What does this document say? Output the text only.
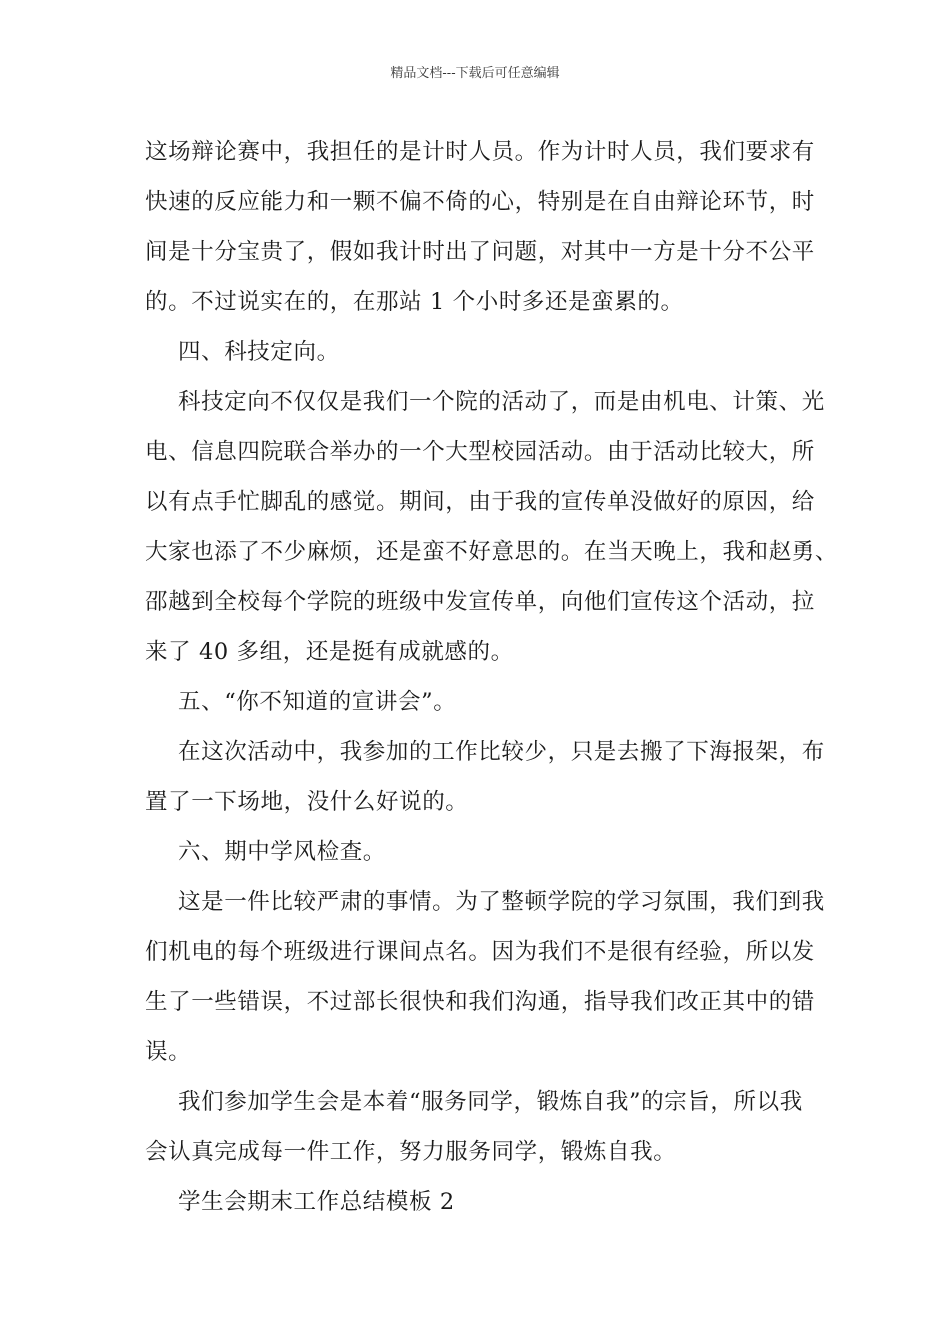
精品文档---下载后可任意编辑
这场辩论赛中，我担任的是计时人员。作为计时人员，我们要求有
快速的反应能力和一颗不偏不倚的心，特别是在自由辩论环节，时
间是十分宝贵了，假如我计时出了问题，对其中一方是十分不公平
的。不过说实在的，在那站 1 个小时多还是蛮累的。
四、科技定向。
科技定向不仅仅是我们一个院的活动了，而是由机电、计策、光
电、信息四院联合举办的一个大型校园活动。由于活动比较大，所
以有点手忙脚乱的感觉。期间，由于我的宣传单没做好的原因，给
大家也添了不少麻烦，还是蛮不好意思的。在当天晚上，我和赵勇、
邵越到全校每个学院的班级中发宣传单，向他们宣传这个活动，拉
来了 40 多组，还是挺有成就感的。
五、“你不知道的宣讲会”。
在这次活动中，我参加的工作比较少，只是去搬了下海报架，布
置了一下场地，没什么好说的。
六、期中学风检查。
这是一件比较严肃的事情。为了整顿学院的学习氛围，我们到我
们机电的每个班级进行课间点名。因为我们不是很有经验，所以发
生了一些错误，不过部长很快和我们沟通，指导我们改正其中的错
误。
我们参加学生会是本着“服务同学，锻炼自我”的宗旨，所以我
会认真完成每一件工作，努力服务同学，锻炼自我。
学生会期末工作总结模板 2
